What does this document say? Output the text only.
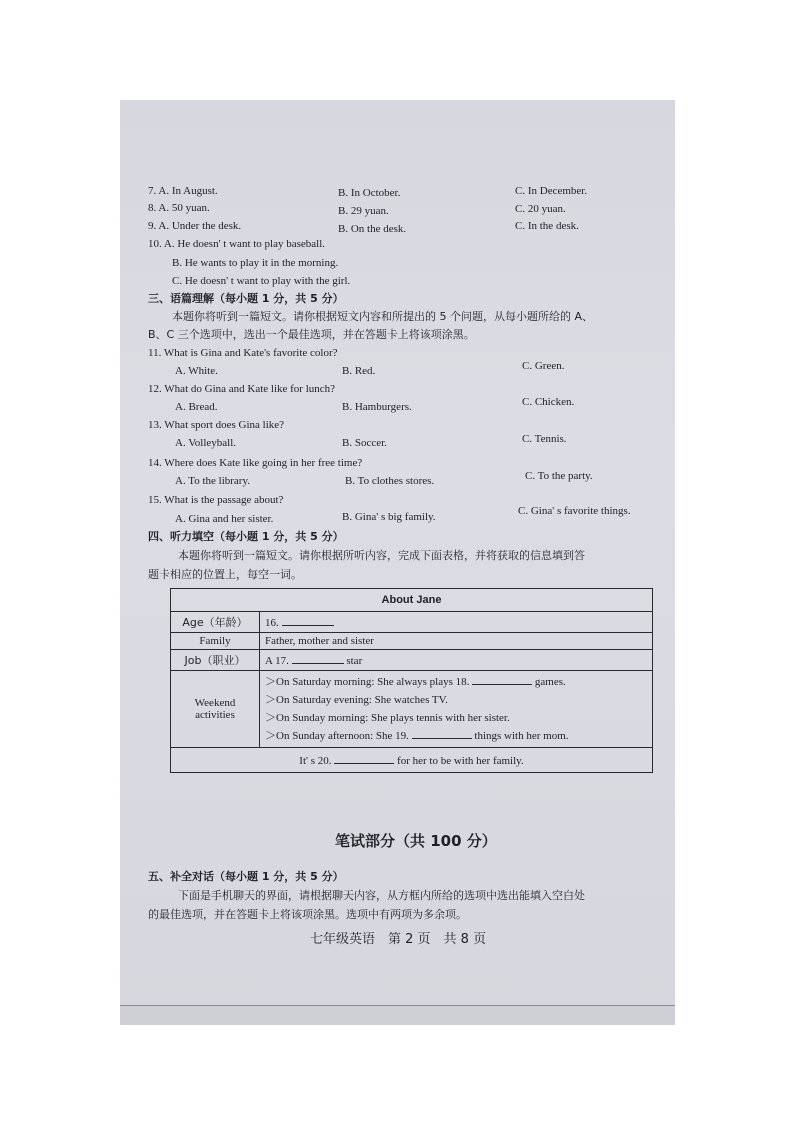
7. A. In August.	B. In October.	C. In December.
8. A. 50 yuan.	B. 29 yuan.	C. 20 yuan.
9. A. Under the desk.	B. On the desk.	C. In the desk.
10. A. He doesn' t want to play baseball.
B. He wants to play it in the morning.
C. He doesn' t want to play with the girl.
三、语篇理解（每小题 1 分，共 5 分）
本题你将听到一篇短文。请你根据短文内容和所提出的 5 个问题，从每小题所给的 A、
B、C 三个选项中，选出一个最佳选项，并在答题卡上将该项涂黑。
11. What is Gina and Kate's favorite color?
A. White.	B. Red.	C. Green.
12. What do Gina and Kate like for lunch?
A. Bread.	B. Hamburgers.	C. Chicken.
13. What sport does Gina like?
A. Volleyball.	B. Soccer.	C. Tennis.
14. Where does Kate like going in her free time?
A. To the library.	B. To clothes stores.	C. To the party.
15. What is the passage about?
A. Gina and her sister.	B. Gina' s big family.	C. Gina' s favorite things.
四、听力填空（每小题 1 分，共 5 分）
本题你将听到一篇短文。请你根据所听内容，完成下面表格，并将获取的信息填到答
题卡相应的位置上，每空一词。
About Jane	
Age（年龄）	16.
Family	Father, mother and sister
Job（职业）	A 17. star
Weekend activities	＞On Saturday morning: She always plays 18. games.
＞On Saturday evening: She watches TV.
＞On Sunday morning: She plays tennis with her sister.
＞On Sunday afternoon: She 19. things with her mom.

It' s 20. for her to be with her family.	
笔试部分（共 100 分）
五、补全对话（每小题 1 分，共 5 分）
下面是手机聊天的界面，请根据聊天内容，从方框内所给的选项中选出能填入空白处
的最佳选项，并在答题卡上将该项涂黑。选项中有两项为多余项。
七年级英语　第 2 页　共 8 页
